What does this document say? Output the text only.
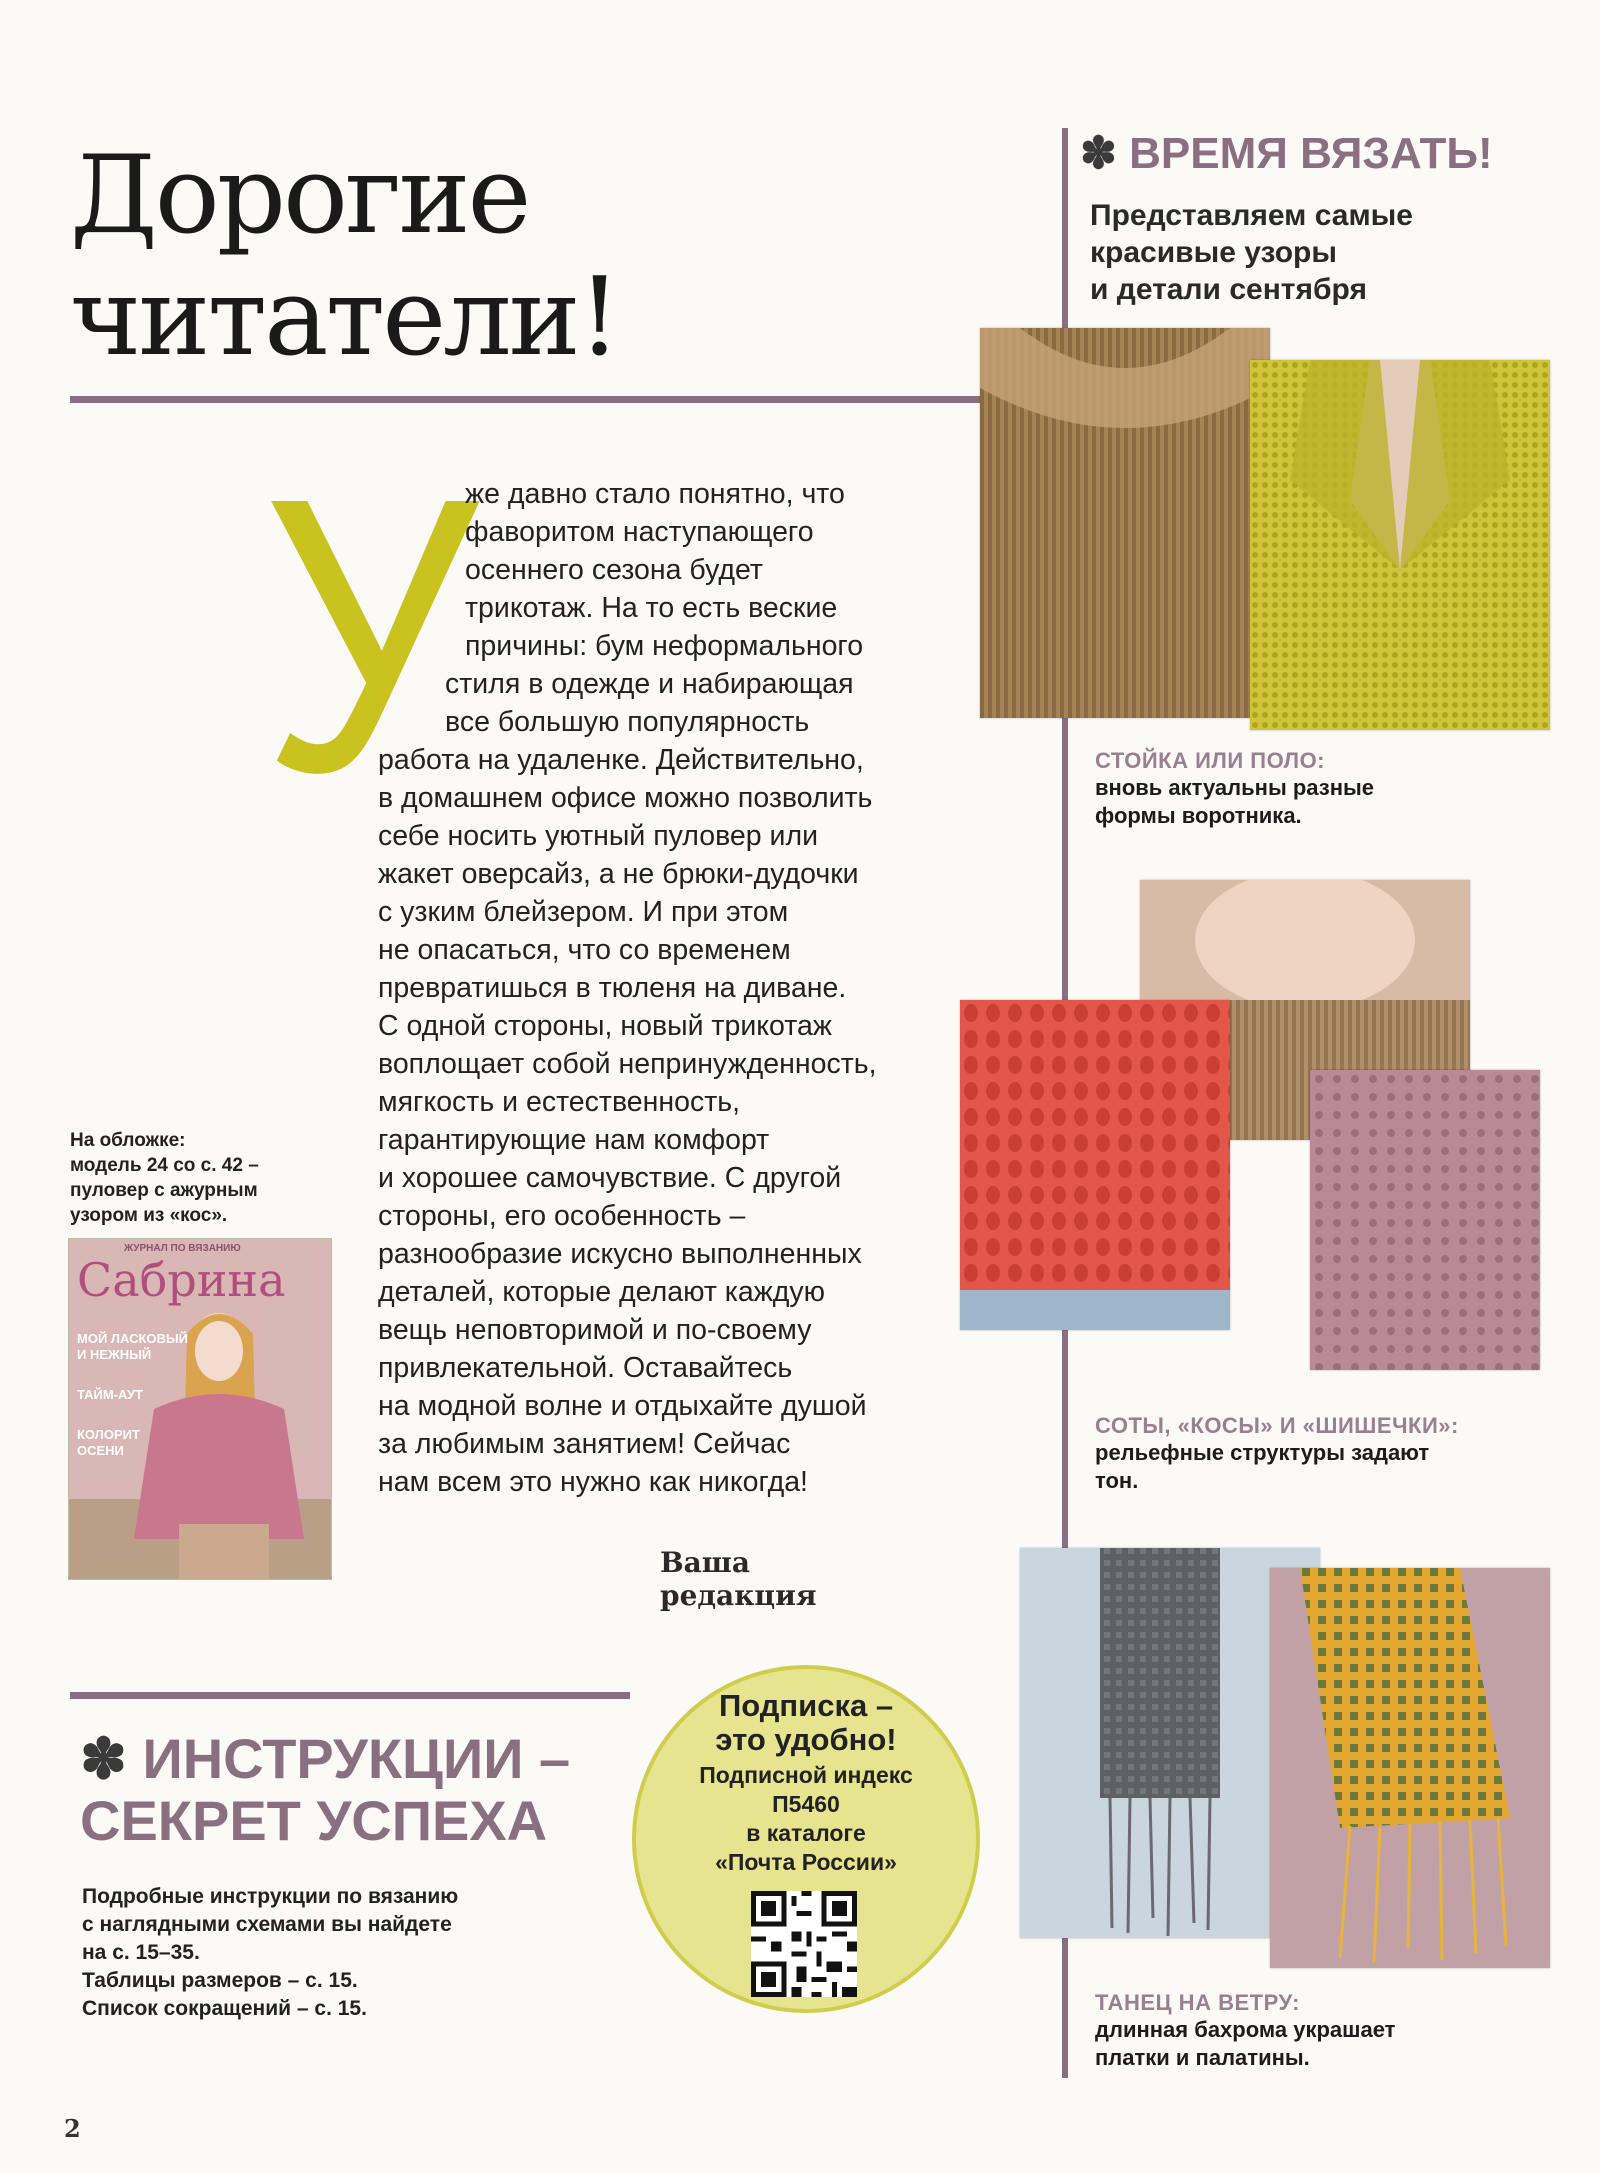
Дорогие
читатели!
У
же давно стало понятно, что
фаворитом наступающего
осеннего сезона будет
трикотаж. На то есть веские
причины: бум неформального
стиля в одежде и набирающая
все большую популярность
работа на удаленке. Действительно,
в домашнем офисе можно позволить
себе носить уютный пуловер или
жакет оверсайз, а не брюки-дудочки
с узким блейзером. И при этом
не опасаться, что со временем
превратишься в тюленя на диване.
С одной стороны, новый трикотаж
воплощает собой непринужденность,
мягкость и естественность,
гарантирующие нам комфорт
и хорошее самочувствие. С другой
стороны, его особенность –
разнообразие искусно выполненных
деталей, которые делают каждую
вещь неповторимой и по-своему
привлекательной. Оставайтесь
на модной волне и отдыхайте душой
за любимым занятием! Сейчас
нам всем это нужно как никогда!
Ваша редакция
На обложке:
модель 24 со с. 42 –
пуловер с ажурным
узором из «кос».
ЖУРНАЛ ПО ВЯЗАНИЮ
Сабрина
МОЙ ЛАСКОВЫЙ
И НЕЖНЫЙ
ТАЙМ-АУТ
КОЛОРИТ
ОСЕНИ
✽ ВРЕМЯ ВЯЗАТЬ!
Представляем самые
красивые узоры
и детали сентября
СТОЙКА ИЛИ ПОЛО:
вновь актуальны разные
формы воротника.
СОТЫ, «КОСЫ» И «ШИШЕЧКИ»:
рельефные структуры задают
тон.
ТАНЕЦ НА ВЕТРУ:
длинная бахрома украшает
платки и палатины.
✽ ИНСТРУКЦИИ –
СЕКРЕТ УСПЕХА
Подробные инструкции по вязанию
с наглядными схемами вы найдете
на с. 15–35.
Таблицы размеров – с. 15.
Список сокращений – с. 15.
Подписка –
это удобно!
Подписной индекс
П5460
в каталоге
«Почта России»
2
